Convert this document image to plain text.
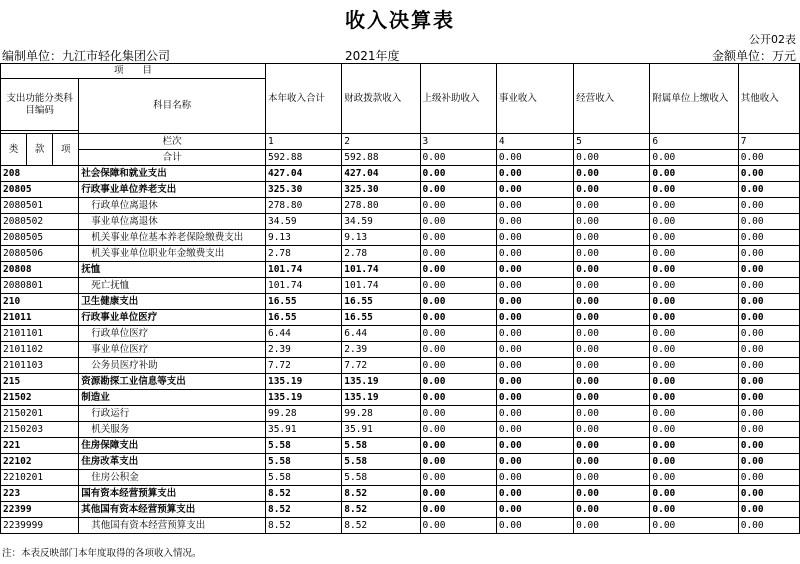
收入决算表
公开02表
编制单位：九江市轻化集团公司	2021年度	金额单位：万元
项　　目				本年收入合计	财政拨款收入	上级补助收入	事业收入	经营收入	附属单位上缴收入	其他收入
支出功能分类科目编码			科目名称							

类	款	项	栏次	1	2	3	4	5	6	7
			合计	592.88	592.88	0.00	0.00	0.00	0.00	0.00
208			社会保障和就业支出	427.04	427.04	0.00	0.00	0.00	0.00	0.00
20805			行政事业单位养老支出	325.30	325.30	0.00	0.00	0.00	0.00	0.00
2080501			行政单位离退休	278.80	278.80	0.00	0.00	0.00	0.00	0.00
2080502			事业单位离退休	34.59	34.59	0.00	0.00	0.00	0.00	0.00
2080505			机关事业单位基本养老保险缴费支出	9.13	9.13	0.00	0.00	0.00	0.00	0.00
2080506			机关事业单位职业年金缴费支出	2.78	2.78	0.00	0.00	0.00	0.00	0.00
20808			抚恤	101.74	101.74	0.00	0.00	0.00	0.00	0.00
2080801			死亡抚恤	101.74	101.74	0.00	0.00	0.00	0.00	0.00
210			卫生健康支出	16.55	16.55	0.00	0.00	0.00	0.00	0.00
21011			行政事业单位医疗	16.55	16.55	0.00	0.00	0.00	0.00	0.00
2101101			行政单位医疗	6.44	6.44	0.00	0.00	0.00	0.00	0.00
2101102			事业单位医疗	2.39	2.39	0.00	0.00	0.00	0.00	0.00
2101103			公务员医疗补助	7.72	7.72	0.00	0.00	0.00	0.00	0.00
215			资源勘探工业信息等支出	135.19	135.19	0.00	0.00	0.00	0.00	0.00
21502			制造业	135.19	135.19	0.00	0.00	0.00	0.00	0.00
2150201			行政运行	99.28	99.28	0.00	0.00	0.00	0.00	0.00
2150203			机关服务	35.91	35.91	0.00	0.00	0.00	0.00	0.00
221			住房保障支出	5.58	5.58	0.00	0.00	0.00	0.00	0.00
22102			住房改革支出	5.58	5.58	0.00	0.00	0.00	0.00	0.00
2210201			住房公积金	5.58	5.58	0.00	0.00	0.00	0.00	0.00
223			国有资本经营预算支出	8.52	8.52	0.00	0.00	0.00	0.00	0.00
22399			其他国有资本经营预算支出	8.52	8.52	0.00	0.00	0.00	0.00	0.00
2239999			其他国有资本经营预算支出	8.52	8.52	0.00	0.00	0.00	0.00	0.00
注：本表反映部门本年度取得的各项收入情况。
